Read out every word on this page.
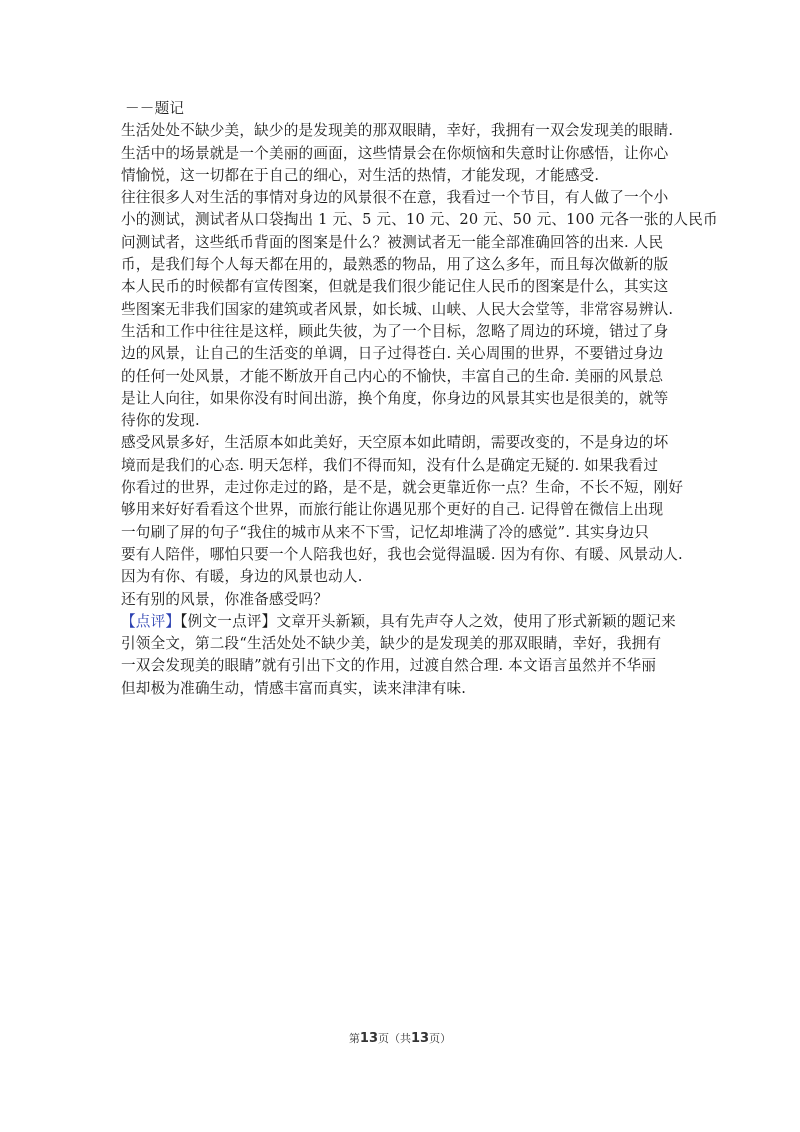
－－题记
生活处处不缺少美，缺少的是发现美的那双眼睛，幸好，我拥有一双会发现美的眼睛.
生活中的场景就是一个美丽的画面，这些情景会在你烦恼和失意时让你感悟，让你心
情愉悦，这一切都在于自己的细心，对生活的热情，才能发现，才能感受.
往往很多人对生活的事情对身边的风景很不在意，我看过一个节目，有人做了一个小
小的测试，测试者从口袋掏出 1 元、5 元、10 元、20 元、50 元、100 元各一张的人民币
问测试者，这些纸币背面的图案是什么？被测试者无一能全部准确回答的出来. 人民
币，是我们每个人每天都在用的，最熟悉的物品，用了这么多年，而且每次做新的版
本人民币的时候都有宣传图案，但就是我们很少能记住人民币的图案是什么，其实这
些图案无非我们国家的建筑或者风景，如长城、山峡、人民大会堂等，非常容易辨认.
生活和工作中往往是这样，顾此失彼，为了一个目标，忽略了周边的环境，错过了身
边的风景，让自己的生活变的单调，日子过得苍白. 关心周围的世界，不要错过身边
的任何一处风景，才能不断放开自己内心的不愉快，丰富自己的生命. 美丽的风景总
是让人向往，如果你没有时间出游，换个角度，你身边的风景其实也是很美的，就等
待你的发现.
感受风景多好，生活原本如此美好，天空原本如此晴朗，需要改变的，不是身边的坏
境而是我们的心态. 明天怎样，我们不得而知，没有什么是确定无疑的. 如果我看过
你看过的世界，走过你走过的路，是不是，就会更靠近你一点？生命，不长不短，刚好
够用来好好看看这个世界，而旅行能让你遇见那个更好的自己. 记得曾在微信上出现
一句刷了屏的句子“我住的城市从来不下雪，记忆却堆满了冷的感觉”. 其实身边只
要有人陪伴，哪怕只要一个人陪我也好，我也会觉得温暖. 因为有你、有暖、风景动人.
因为有你、有暖，身边的风景也动人.
还有别的风景，你准备感受吗？
【点评】【例文一点评】文章开头新颖，具有先声夺人之效，使用了形式新颖的题记来
引领全文，第二段“生活处处不缺少美，缺少的是发现美的那双眼睛，幸好，我拥有
一双会发现美的眼睛”就有引出下文的作用，过渡自然合理. 本文语言虽然并不华丽
但却极为准确生动，情感丰富而真实，读来津津有味.
第13页（共13页）
